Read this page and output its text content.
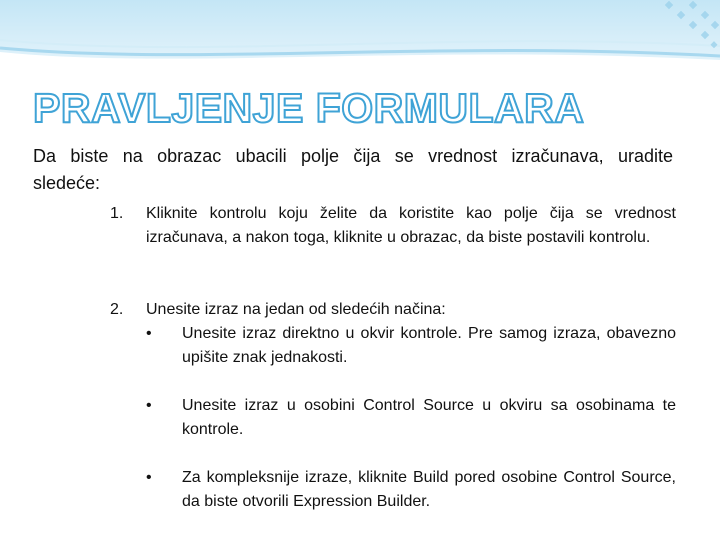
PRAVLJENJE FORMULARA

Da biste na obrazac ubacili polje čija se vrednost izračunava, uradite sledeće:

1. Kliknite kontrolu koju želite da koristite kao polje čija se vrednost izračunava, a nakon toga, kliknite u obrazac, da biste postavili kontrolu.
2. Unesite izraz na jedan od sledećih načina:
• Unesite izraz direktno u okvir kontrole. Pre samog izraza, obavezno upišite znak jednakosti.
• Unesite izraz u osobini Control Source u okviru sa osobinama te kontrole.
• Za kompleksnije izraze, kliknite Build pored osobine Control Source, da biste otvorili Expression Builder.
